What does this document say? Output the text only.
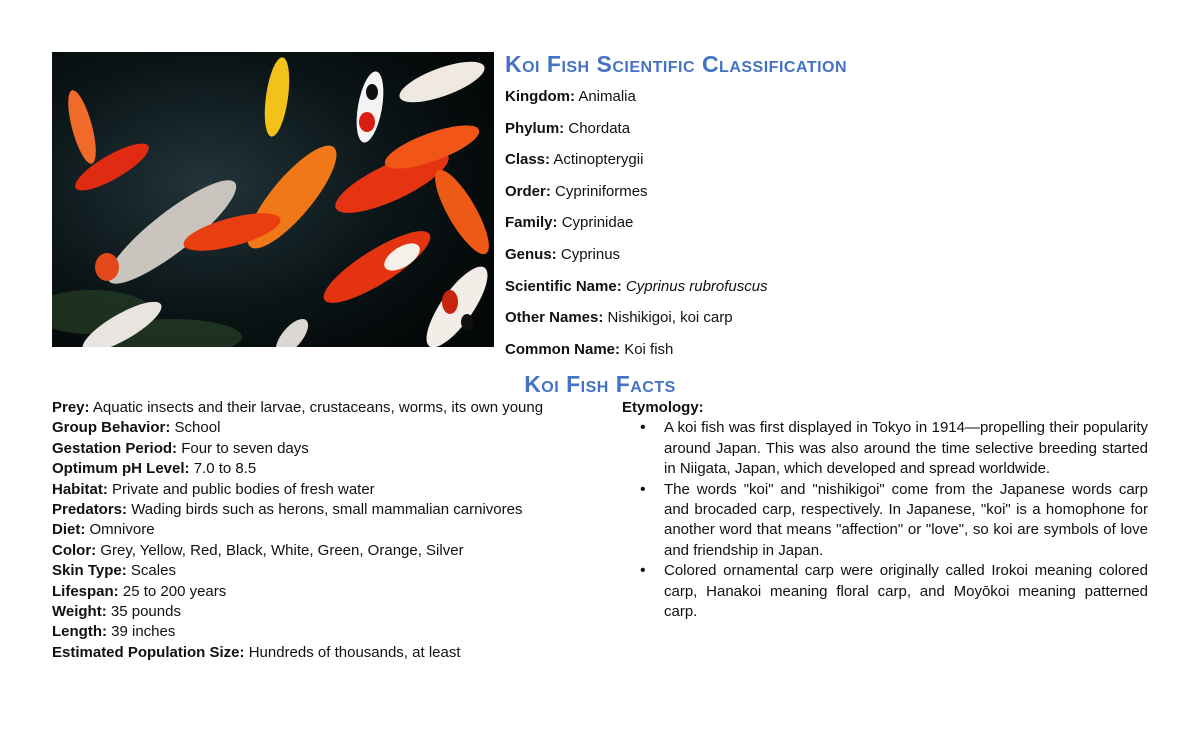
Koi Fish Scientific Classification
Kingdom: Animalia
Phylum: Chordata
Class: Actinopterygii
Order: Cypriniformes
Family: Cyprinidae
Genus: Cyprinus
Scientific Name: Cyprinus rubrofuscus
Other Names: Nishikigoi, koi carp
Common Name: Koi fish
Koi Fish Facts
Prey: Aquatic insects and their larvae, crustaceans, worms, its own young
Group Behavior: School
Gestation Period: Four to seven days
Optimum pH Level: 7.0 to 8.5
Habitat: Private and public bodies of fresh water
Predators: Wading birds such as herons, small mammalian carnivores
Diet: Omnivore
Color: Grey, Yellow, Red, Black, White, Green, Orange, Silver
Skin Type: Scales
Lifespan: 25 to 200 years
Weight: 35 pounds
Length: 39 inches
Estimated Population Size: Hundreds of thousands, at least
Etymology:
• A koi fish was first displayed in Tokyo in 1914—propelling their popularity around Japan. This was also around the time selective breeding started in Niigata, Japan, which developed and spread worldwide.
• The words "koi" and "nishikigoi" come from the Japanese words carp and brocaded carp, respectively. In Japanese, "koi" is a homophone for another word that means "affection" or "love", so koi are symbols of love and friendship in Japan.
• Colored ornamental carp were originally called Irokoi meaning colored carp, Hanakoi meaning floral carp, and Moyōkoi meaning patterned carp.
